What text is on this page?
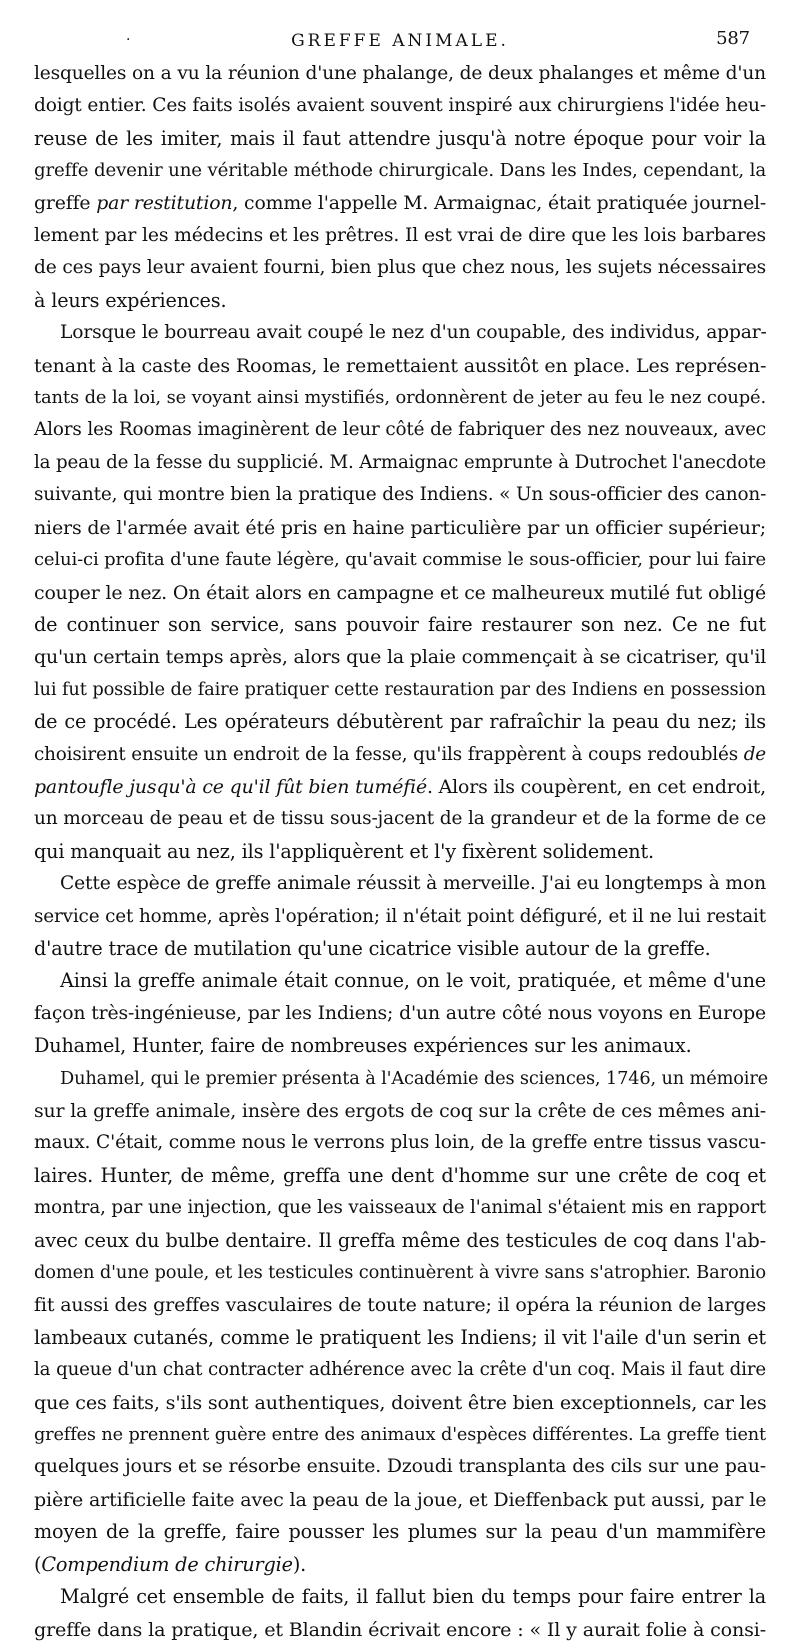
·	GREFFE ANIMALE.	587
lesquelles on a vu la réunion d'une phalange, de deux phalanges et même d'un
doigt entier. Ces faits isolés avaient souvent inspiré aux chirurgiens l'idée heu-
reuse de les imiter, mais il faut attendre jusqu'à notre époque pour voir la
greffe devenir une véritable méthode chirurgicale. Dans les Indes, cependant, la
greffe par restitution, comme l'appelle M. Armaignac, était pratiquée journel-
lement par les médecins et les prêtres. Il est vrai de dire que les lois barbares
de ces pays leur avaient fourni, bien plus que chez nous, les sujets nécessaires
à leurs expériences.
Lorsque le bourreau avait coupé le nez d'un coupable, des individus, appar-
tenant à la caste des Roomas, le remettaient aussitôt en place. Les représen-
tants de la loi, se voyant ainsi mystifiés, ordonnèrent de jeter au feu le nez coupé.
Alors les Roomas imaginèrent de leur côté de fabriquer des nez nouveaux, avec
la peau de la fesse du supplicié. M. Armaignac emprunte à Dutrochet l'anecdote
suivante, qui montre bien la pratique des Indiens. « Un sous-officier des canon-
niers de l'armée avait été pris en haine particulière par un officier supérieur;
celui-ci profita d'une faute légère, qu'avait commise le sous-officier, pour lui faire
couper le nez. On était alors en campagne et ce malheureux mutilé fut obligé
de continuer son service, sans pouvoir faire restaurer son nez. Ce ne fut
qu'un certain temps après, alors que la plaie commençait à se cicatriser, qu'il
lui fut possible de faire pratiquer cette restauration par des Indiens en possession
de ce procédé. Les opérateurs débutèrent par rafraîchir la peau du nez; ils
choisirent ensuite un endroit de la fesse, qu'ils frappèrent à coups redoublés de
pantoufle jusqu'à ce qu'il fût bien tuméfié. Alors ils coupèrent, en cet endroit,
un morceau de peau et de tissu sous-jacent de la grandeur et de la forme de ce
qui manquait au nez, ils l'appliquèrent et l'y fixèrent solidement.
Cette espèce de greffe animale réussit à merveille. J'ai eu longtemps à mon
service cet homme, après l'opération; il n'était point défiguré, et il ne lui restait
d'autre trace de mutilation qu'une cicatrice visible autour de la greffe.
Ainsi la greffe animale était connue, on le voit, pratiquée, et même d'une
façon très-ingénieuse, par les Indiens; d'un autre côté nous voyons en Europe
Duhamel, Hunter, faire de nombreuses expériences sur les animaux.
Duhamel, qui le premier présenta à l'Académie des sciences, 1746, un mémoire
sur la greffe animale, insère des ergots de coq sur la crête de ces mêmes ani-
maux. C'était, comme nous le verrons plus loin, de la greffe entre tissus vascu-
laires. Hunter, de même, greffa une dent d'homme sur une crête de coq et
montra, par une injection, que les vaisseaux de l'animal s'étaient mis en rapport
avec ceux du bulbe dentaire. Il greffa même des testicules de coq dans l'ab-
domen d'une poule, et les testicules continuèrent à vivre sans s'atrophier. Baronio
fit aussi des greffes vasculaires de toute nature; il opéra la réunion de larges
lambeaux cutanés, comme le pratiquent les Indiens; il vit l'aile d'un serin et
la queue d'un chat contracter adhérence avec la crête d'un coq. Mais il faut dire
que ces faits, s'ils sont authentiques, doivent être bien exceptionnels, car les
greffes ne prennent guère entre des animaux d'espèces différentes. La greffe tient
quelques jours et se résorbe ensuite. Dzoudi transplanta des cils sur une pau-
pière artificielle faite avec la peau de la joue, et Dieffenback put aussi, par le
moyen de la greffe, faire pousser les plumes sur la peau d'un mammifère
(Compendium de chirurgie).
Malgré cet ensemble de faits, il fallut bien du temps pour faire entrer la
greffe dans la pratique, et Blandin écrivait encore : « Il y aurait folie à consi-
